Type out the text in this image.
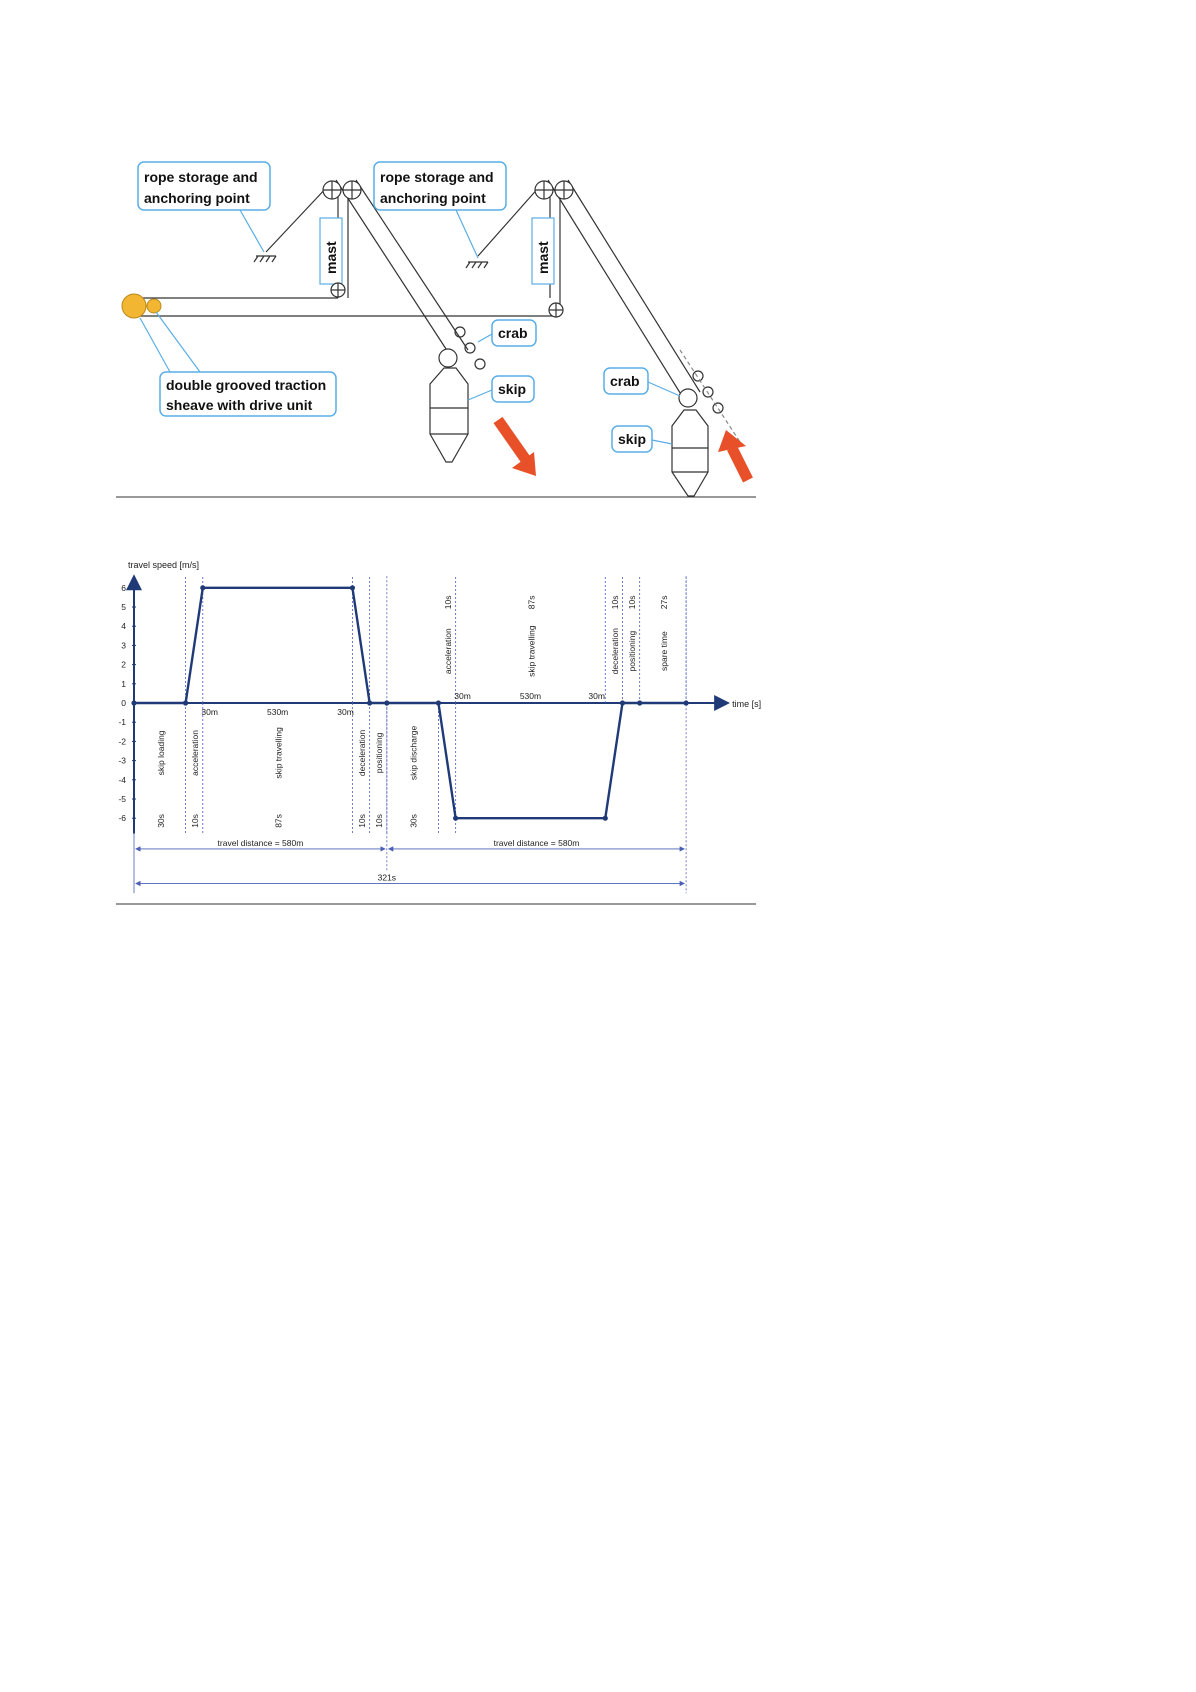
rope storage and
anchoring point
rope storage and
anchoring point
mast	mast
crab
skip	crab
skip
double grooved traction
sheave with drive unit
travel speed [m/s]
time [s]
6
5
4
3
2
1
0
-1
-2
-3
-4
-5
-6	30s
skip loading
10s
acceleration
87s
skip travelling
10s
deceleration
10s
positioning
30s
skip discharge
10s
acceleration
87s
skip travelling
10s
deceleration
10s
positioning
27s
spare time
30m	530m	30m
30m	530m	30m
travel distance = 580m	travel distance = 580m
321s
